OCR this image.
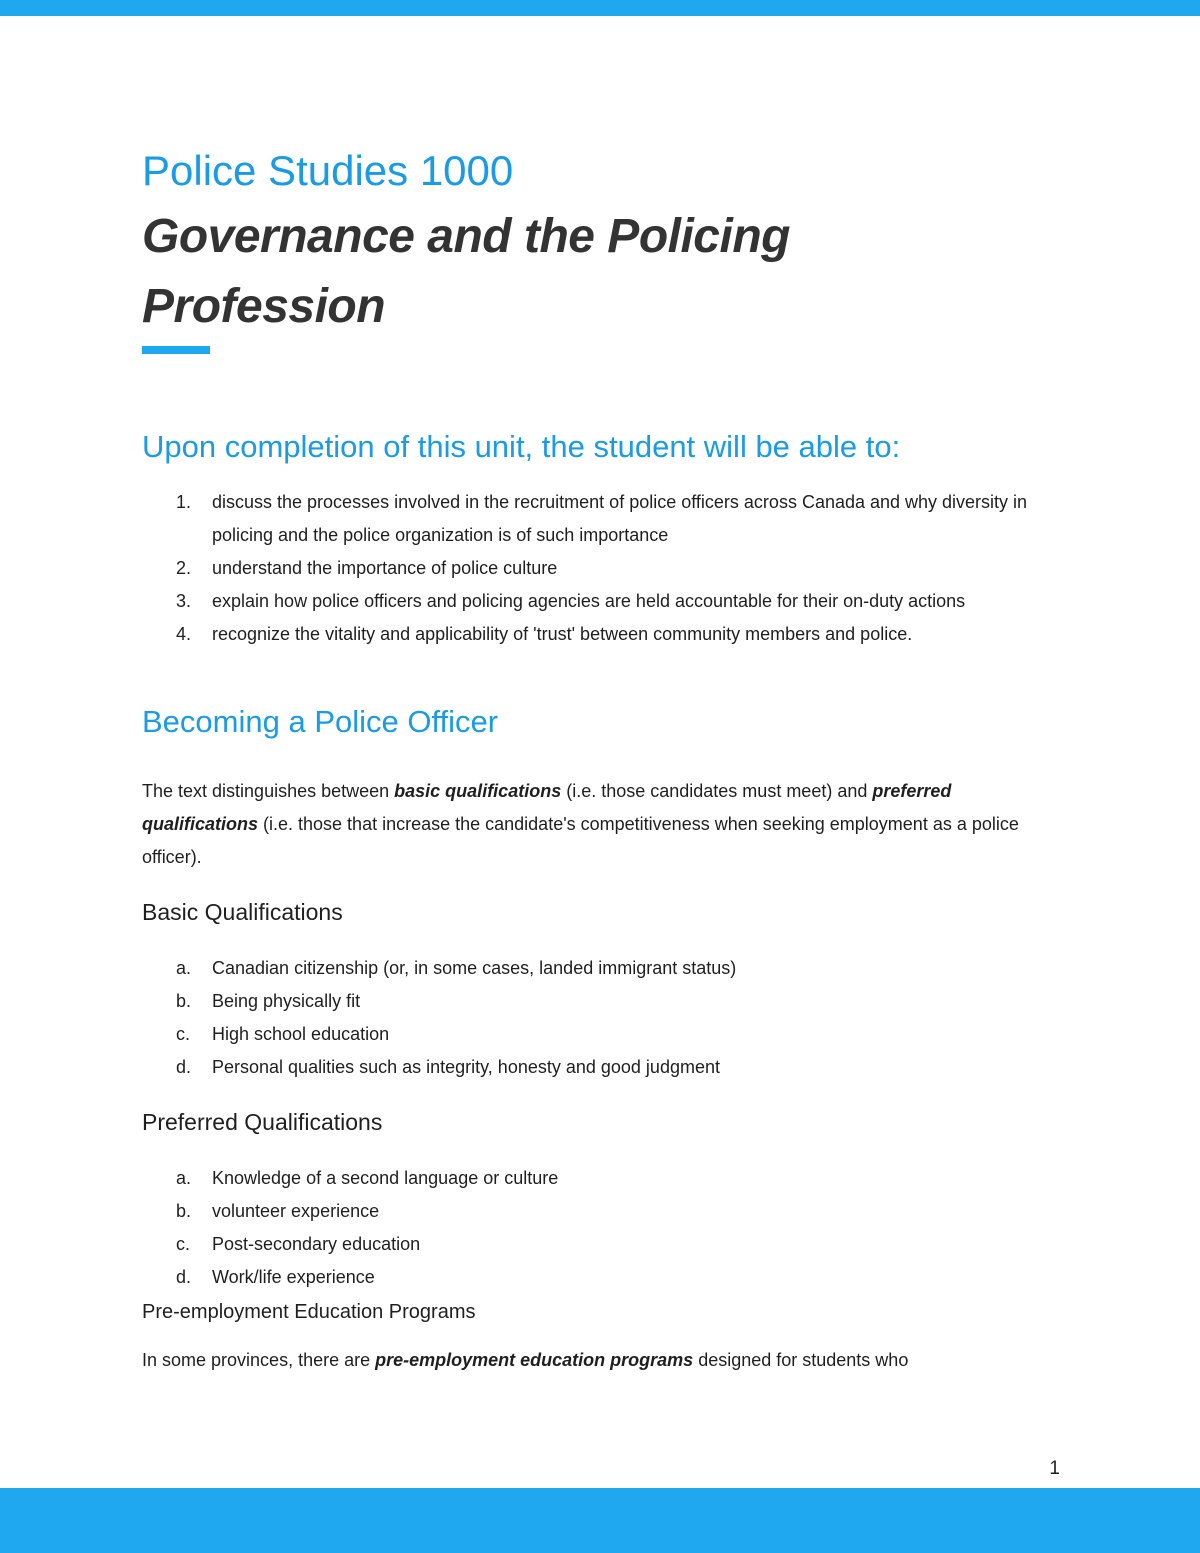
Police Studies 1000
Governance and the Policing
Profession
Upon completion of this unit, the student will be able to:
1. discuss the processes involved in the recruitment of police officers across Canada and why diversity in policing and the police organization is of such importance
2. understand the importance of police culture
3. explain how police officers and policing agencies are held accountable for their on-duty actions
4. recognize the vitality and applicability of 'trust' between community members and police.
Becoming a Police Officer

The text distinguishes between basic qualifications (i.e. those candidates must meet) and preferred qualifications (i.e. those that increase the candidate's competitiveness when seeking employment as a police officer).

Basic Qualifications
a. Canadian citizenship (or, in some cases, landed immigrant status)
b. Being physically fit
c. High school education
d. Personal qualities such as integrity, honesty and good judgment
Preferred Qualifications
a. Knowledge of a second language or culture
b. volunteer experience
c. Post-secondary education
d. Work/life experience
Pre-employment Education Programs

In some provinces, there are pre-employment education programs designed for students who

1
